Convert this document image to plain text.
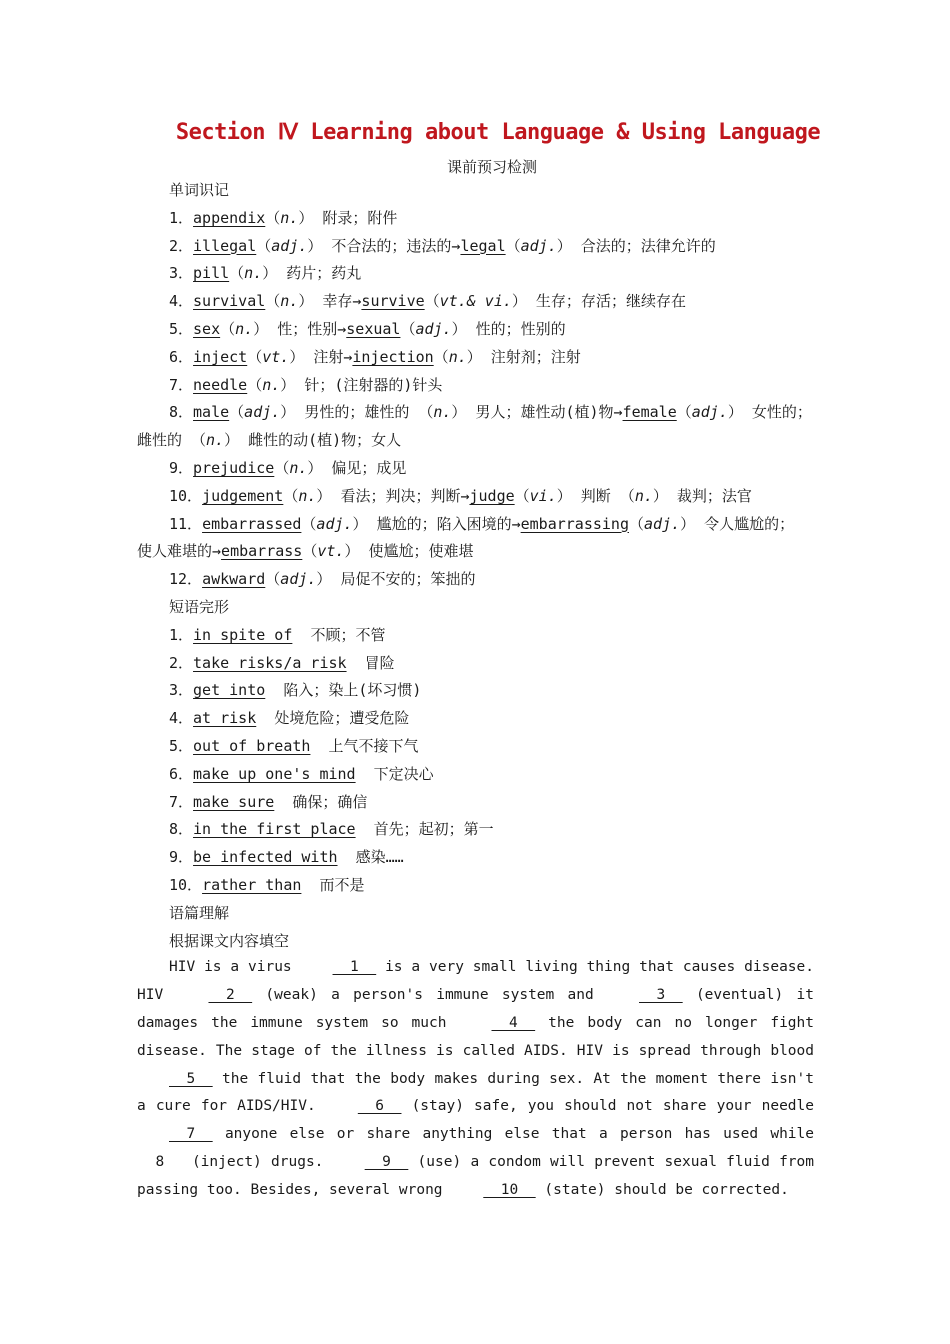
Section Ⅳ Learning about Language & Using Language
课前预习检测
单词识记
1．appendix（n.） 附录；附件
2．illegal（adj.） 不合法的；违法的→legal（adj.） 合法的；法律允许的
3．pill（n.） 药片；药丸
4．survival（n.） 幸存→survive（vt.& vi.） 生存；存活；继续存在
5．sex（n.） 性；性别→sexual（adj.） 性的；性别的
6．inject（vt.） 注射→injection（n.） 注射剂；注射
7．needle（n.） 针；(注射器的)针头
8．male（adj.） 男性的；雄性的 （n.） 男人；雄性动(植)物→female（adj.） 女性的；
雌性的 （n.） 雌性的动(植)物；女人
9．prejudice（n.） 偏见；成见
10．judgement（n.） 看法；判决；判断→judge（vi.） 判断 （n.） 裁判；法官
11．embarrassed（adj.） 尴尬的；陷入困境的→embarrassing（adj.） 令人尴尬的；
使人难堪的→embarrass（vt.） 使尴尬；使难堪
12．awkward（adj.） 局促不安的；笨拙的
短语完形
1．in spite of 不顾；不管
2．take risks/a risk 冒险
3．get into 陷入；染上(坏习惯)
4．at risk 处境危险；遭受危险
5．out of breath 上气不接下气
6．make up one's mind 下定决心
7．make sure 确保；确信
8．in the first place 首先；起初；第一
9．be infected with 感染……
10．rather than 而不是
语篇理解
根据课文内容填空
HIV is a virus   1   is a very small living thing that causes disease. HIV   2   (weak) a person's immune system and   3   (eventual) it damages the immune system so much   4   the body can no longer fight disease. The stage of the illness is called AIDS. HIV is spread through blood   5   the fluid that the body makes during sex. At the moment there isn't a cure for AIDS/HIV.   6   (stay) safe, you should not share your needle   7   anyone else or share anything else that a person has used while   8   (inject) drugs.   9   (use) a condom will prevent sexual fluid from passing too. Besides, several wrong   10   (state) should be corrected.
